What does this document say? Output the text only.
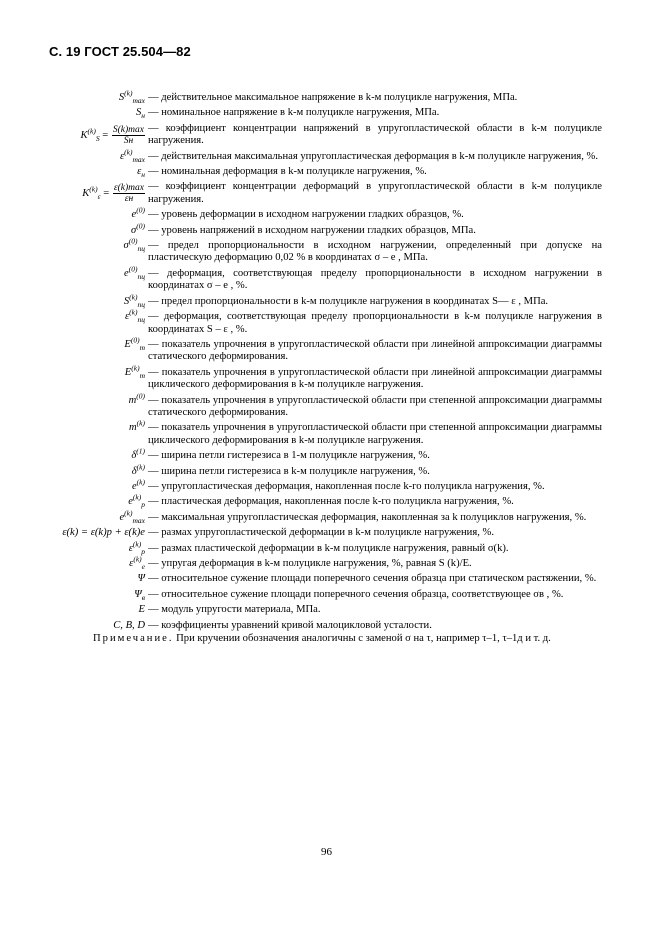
С. 19 ГОСТ 25.504—82
$S^{(k)}_{max}$ — действительное максимальное напряжение в k-м полуцикле нагружения, МПа.
$S_н$ — номинальное напряжение в k-м полуцикле нагружения, МПа.
$K^{(k)}_S = \frac{S(k)\max}{Sн}$ — коэффициент концентрации напряжений в упругопластической области в k-м полуцикле нагружения.
$\varepsilon^{(k)}_{max}$ — действительная максимальная упругопластическая деформация в k-м полуцикле нагружения, %.
$\varepsilon_н$ — номинальная деформация в k-м полуцикле нагружения, %.
$K^{(k)}_\varepsilon = \frac{\varepsilon(k)\max}{\varepsilon н}$ — коэффициент концентрации деформаций в упругопластической области в k-м полуцикле нагружения.
$e^{(0)}$ — уровень деформации в исходном нагружении гладких образцов, %.
$\sigma^{(0)}$ — уровень напряжений в исходном нагружении гладких образцов, МПа.
$\sigma^{(0)}_{пц}$ — предел пропорциональности в исходном нагружении, определенный при допуске на пластическую деформацию 0,02 % в координатах σ – e , МПа.
$e^{(0)}_{пц}$ — деформация, соответствующая пределу пропорциональности в исходном нагружении в координатах σ – e , %.
$S^{(k)}_{пц}$ — предел пропорциональности в k-м полуцикле нагружения в координатах S— ε , МПа.
$\varepsilon^{(k)}_{пц}$ — деформация, соответствующая пределу пропорциональности в k-м полуцикле нагружения в координатах S – ε , %.
$E^{(0)}_т$ — показатель упрочнения в упругопластической области при линейной аппроксимации диаграммы статического деформирования.
$E^{(k)}_т$ — показатель упрочнения в упругопластической области при линейной аппроксимации диаграммы циклического деформирования в k-м полуцикле нагружения.
$m^{(0)}$ — показатель упрочнения в упругопластической области при степенной аппроксимации диаграммы статического деформирования.
$m^{(k)}$ — показатель упрочнения в упругопластической области при степенной аппроксимации диаграммы циклического деформирования в k-м полуцикле нагружения.
$\delta^{(1)}$ — ширина петли гистерезиса в 1-м полуцикле нагружения, %.
$\delta^{(k)}$ — ширина петли гистерезиса в k-м полуцикле нагружения, %.
$e^{(k)}$ — упругопластическая деформация, накопленная после k-го полуцикла нагружения, %.
$e^{(k)}_p$ — пластическая деформация, накопленная после k-го полуцикла нагружения, %.
$e^{(k)}_{max}$ — максимальная упругопластическая деформация, накопленная за k полуциклов нагружения, %.
ε(k) = ε(k)p + ε(k)e — размах упругопластической деформации в k-м полуцикле нагружения, %.
$\varepsilon^{(k)}_p$ — размах пластической деформации в k-м полуцикле нагружения, равный σ(k).
$\varepsilon^{(k)}_e$ — упругая деформация в k-м полуцикле нагружения, %, равная S (k)/E.
Ψ — относительное сужение площади поперечного сечения образца при статическом растяжении, %.
$\Psi_в$ — относительное сужение площади поперечного сечения образца, соответствующее σв , %.
E — модуль упругости материала, МПа.
C, B, D — коэффициенты уравнений кривой малоцикловой усталости.
Примечание. При кручении обозначения аналогичны с заменой σ на τ, например τ–1, τ–1д и т. д.
96
